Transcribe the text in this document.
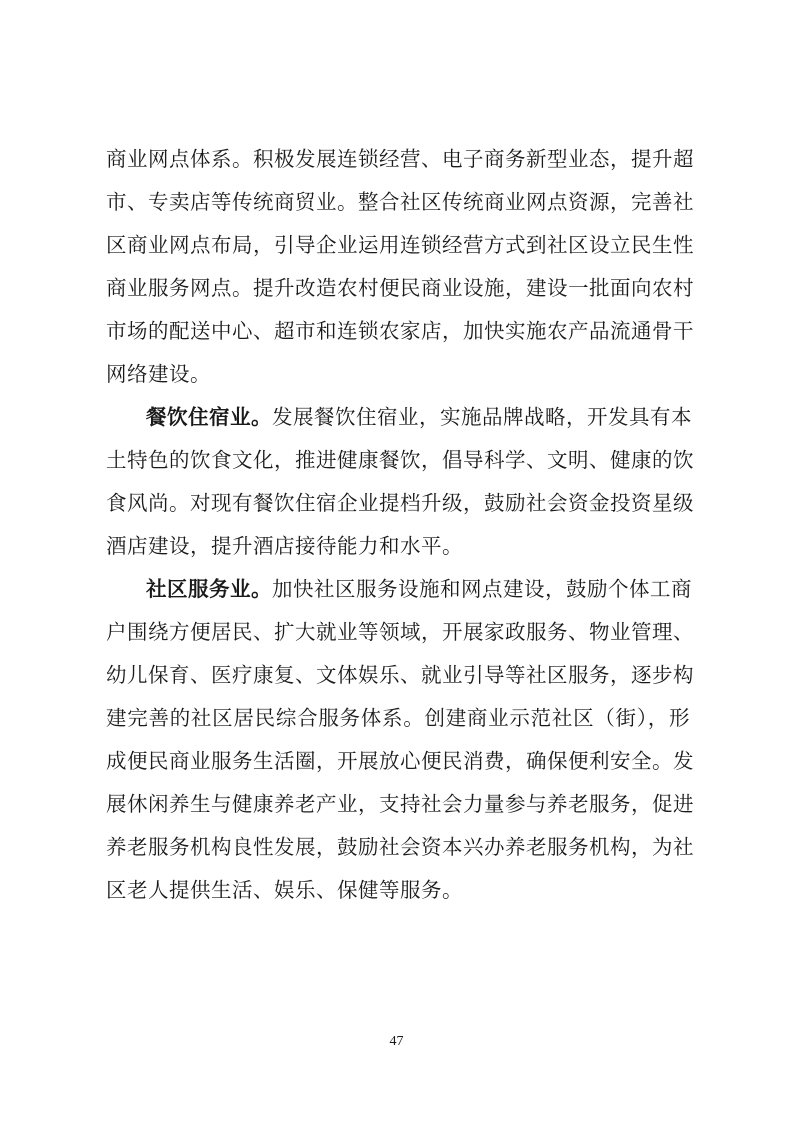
商业网点体系。积极发展连锁经营、电子商务新型业态，提升超
市、专卖店等传统商贸业。整合社区传统商业网点资源，完善社
区商业网点布局，引导企业运用连锁经营方式到社区设立民生性
商业服务网点。提升改造农村便民商业设施，建设一批面向农村
市场的配送中心、超市和连锁农家店，加快实施农产品流通骨干
网络建设。
餐饮住宿业。发展餐饮住宿业，实施品牌战略，开发具有本
土特色的饮食文化，推进健康餐饮，倡导科学、文明、健康的饮
食风尚。对现有餐饮住宿企业提档升级，鼓励社会资金投资星级
酒店建设，提升酒店接待能力和水平。
社区服务业。加快社区服务设施和网点建设，鼓励个体工商
户围绕方便居民、扩大就业等领域，开展家政服务、物业管理、
幼儿保育、医疗康复、文体娱乐、就业引导等社区服务，逐步构
建完善的社区居民综合服务体系。创建商业示范社区（街），形
成便民商业服务生活圈，开展放心便民消费，确保便利安全。发
展休闲养生与健康养老产业，支持社会力量参与养老服务，促进
养老服务机构良性发展，鼓励社会资本兴办养老服务机构，为社
区老人提供生活、娱乐、保健等服务。
47
